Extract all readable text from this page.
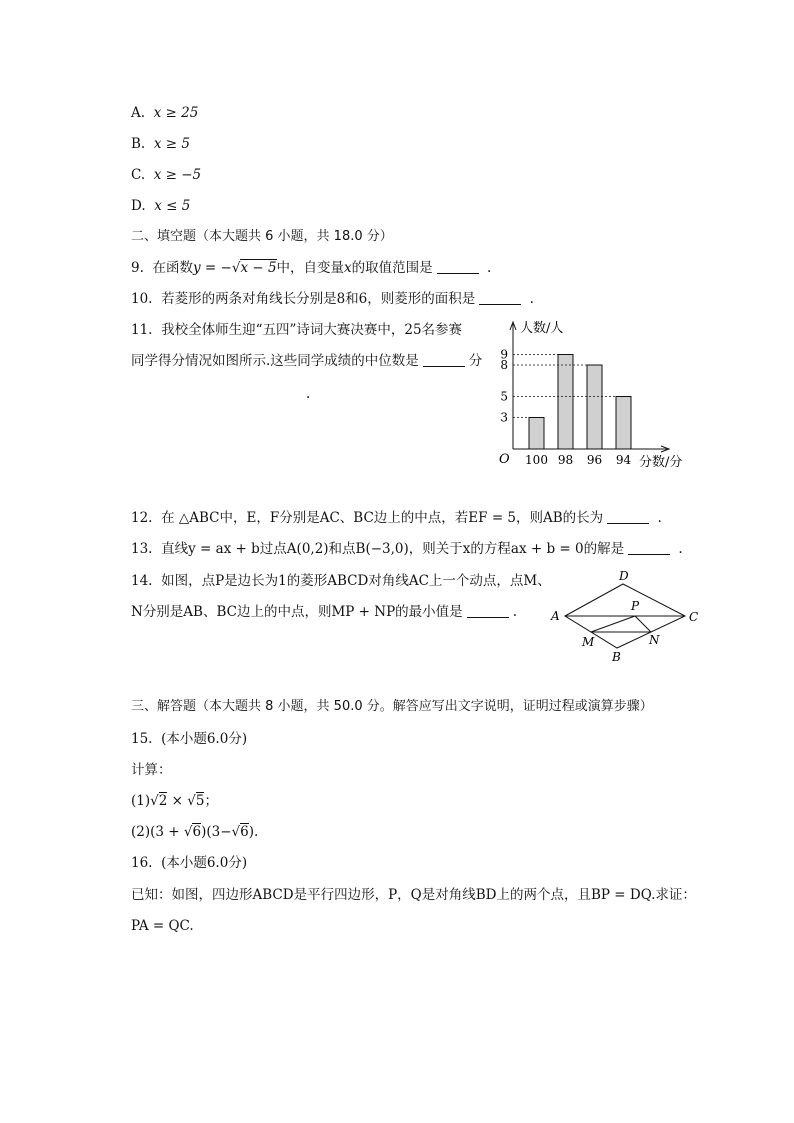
A. x ≥ 25
B. x ≥ 5
C. x ≥ −5
D. x ≤ 5
二、填空题（本大题共 6 小题，共 18.0 分）
9. 在函数y = −√x − 5中，自变量x的取值范围是	.
10. 若菱形的两条对角线长分别是8和6，则菱形的面积是	.
11. 我校全体师生迎“五四”诗词大赛决赛中，25名参赛
同学得分情况如图所示.这些同学成绩的中位数是	分
.
人数/人
分数/分
O 100 98 96 94
3
5
8
9
12. 在 △ABC中，E，F分别是AC、BC边上的中点，若EF = 5，则AB的长为	.
13. 直线y = ax + b过点A(0,2)和点B(−3,0)，则关于x的方程ax + b = 0的解是	.
14. 如图，点P是边长为1的菱形ABCD对角线AC上一个动点，点M、
N分别是AB、BC边上的中点，则MP + NP的最小值是	.	A
D
C
B
P
M	N
三、解答题（本大题共 8 小题，共 50.0 分。解答应写出文字说明，证明过程或演算步骤）
15. (本小题6.0分)
计算：
(1)√2 × √5；
(2)(3 + √6)(3−√6).
16. (本小题6.0分)
已知：如图，四边形ABCD是平行四边形，P，Q是对角线BD上的两个点，且BP = DQ.求证：
PA = QC.
